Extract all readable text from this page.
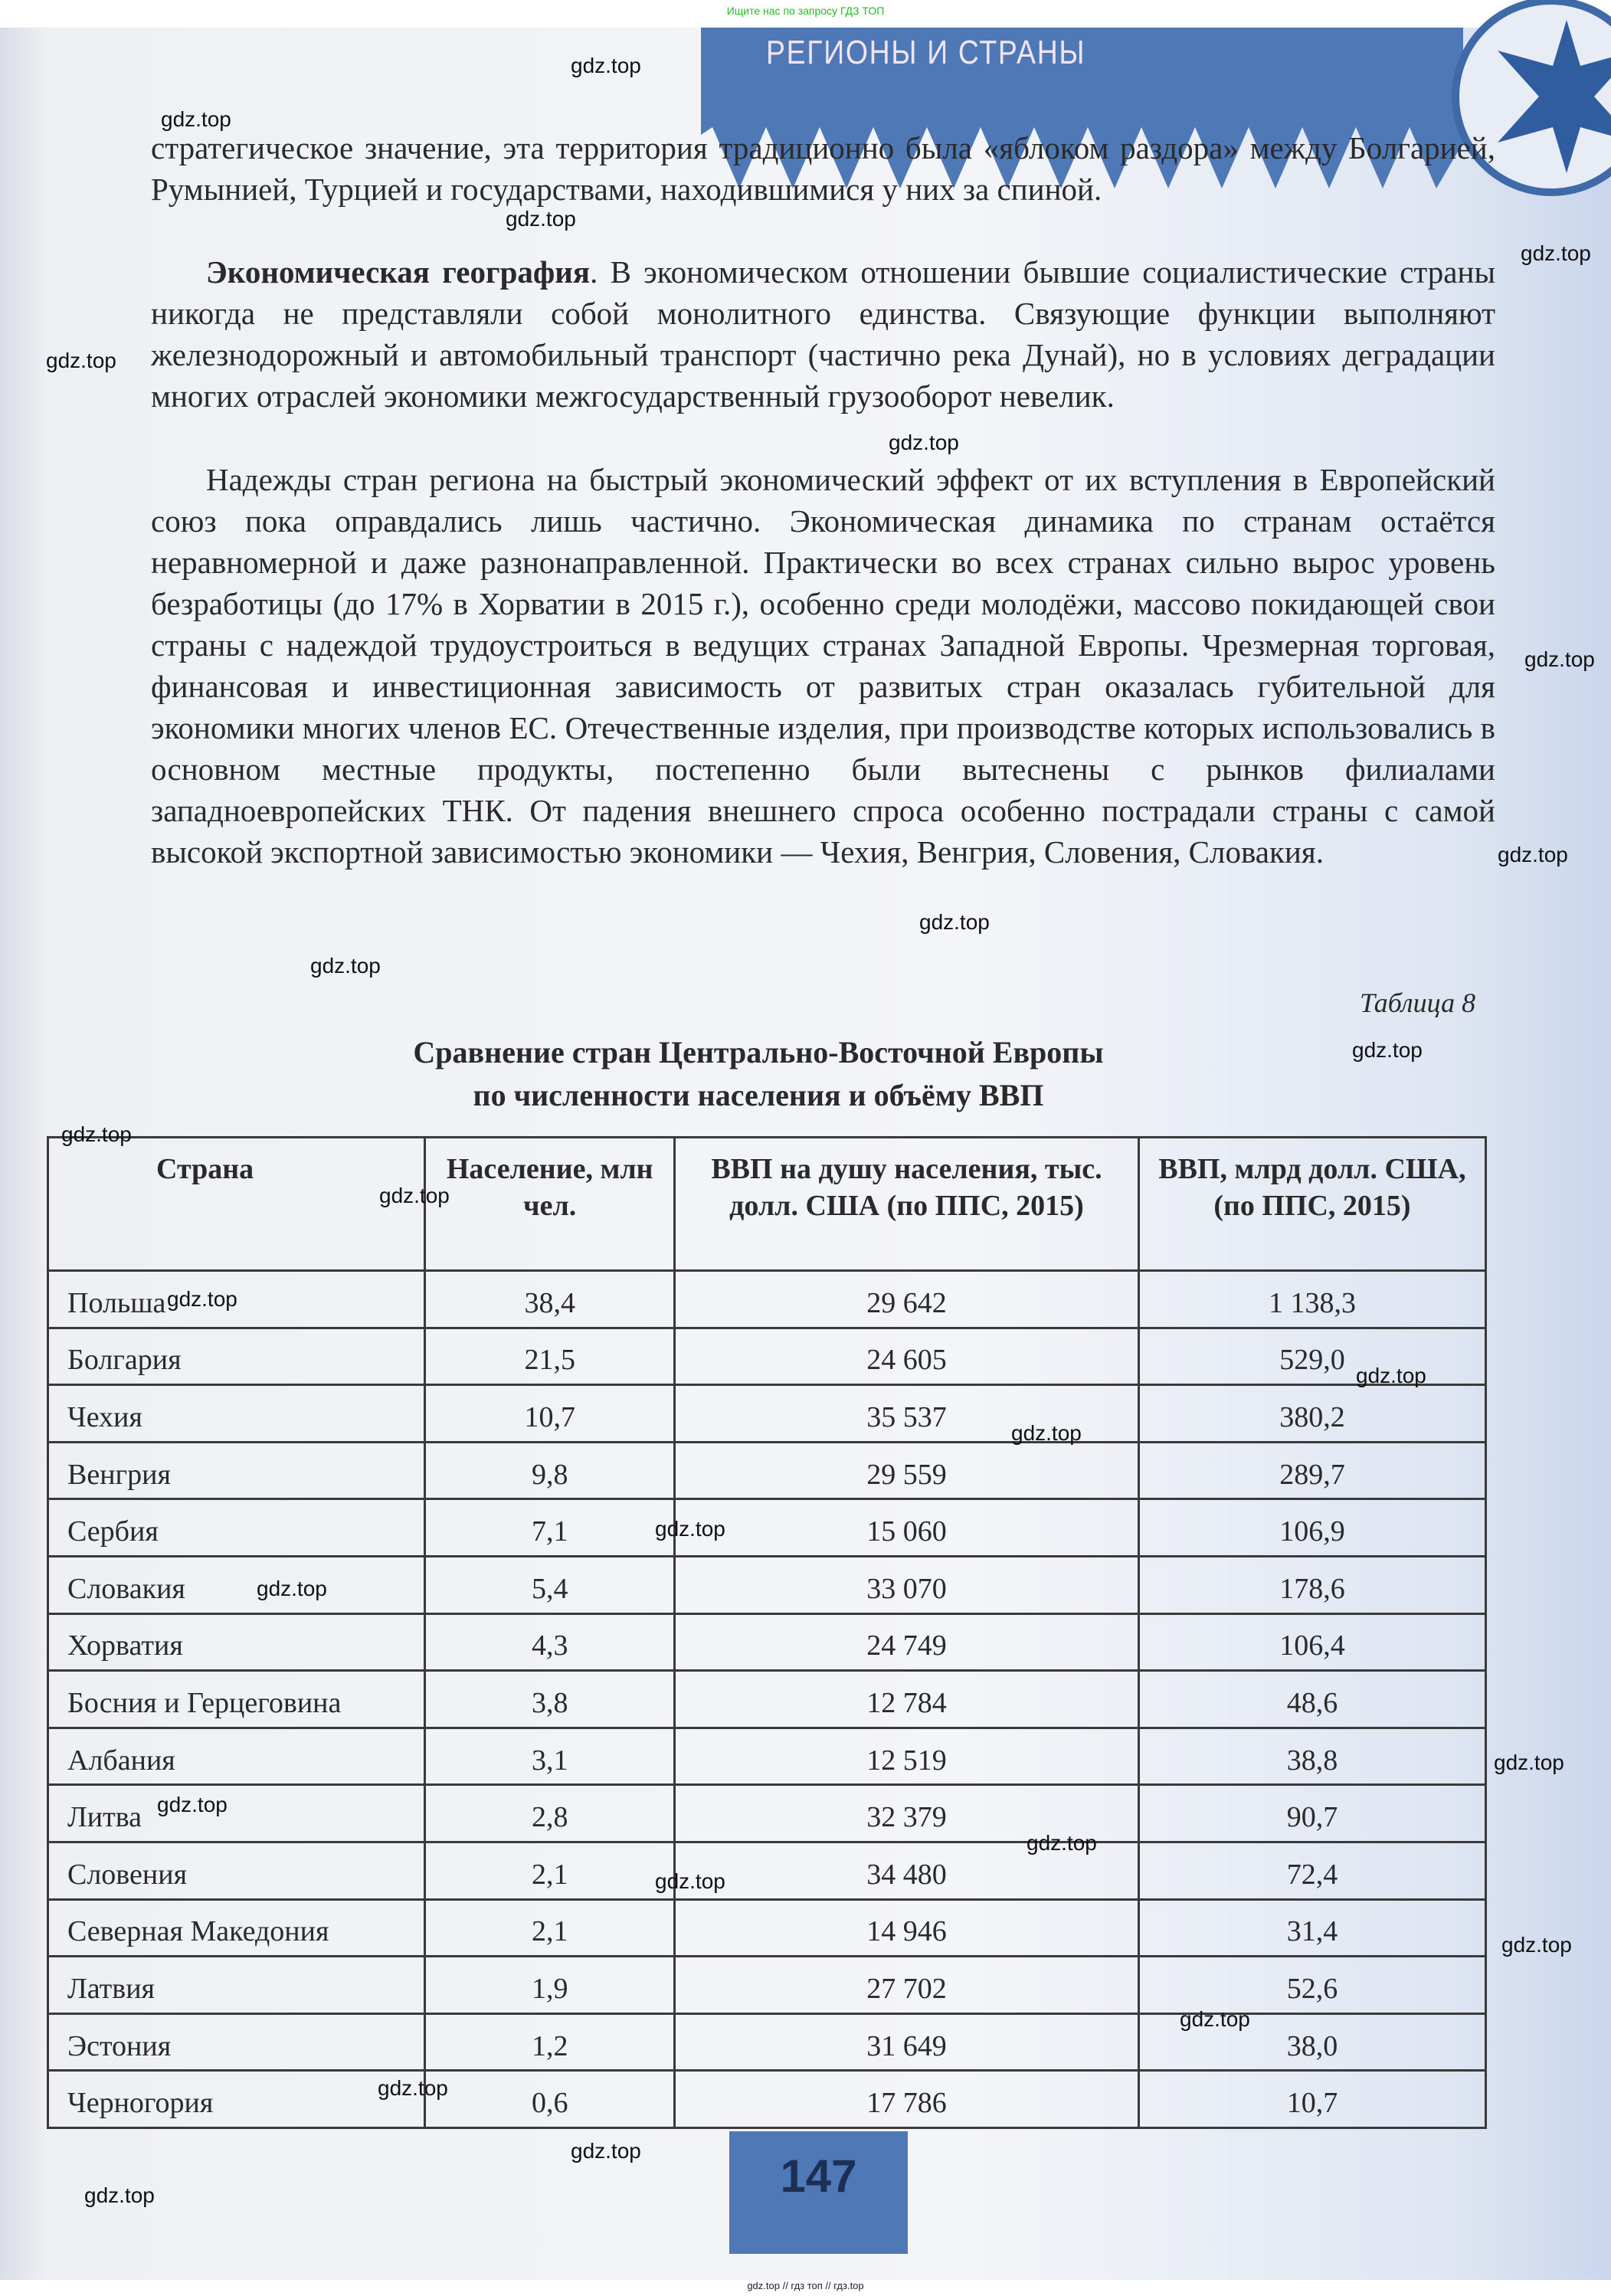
Ищите нас по запросу ГДЗ ТОП
РЕГИОНЫ И СТРАНЫ

стратегическое значение, эта территория традиционно была «яблоком раздора» между Болгарией, Румынией, Турцией и государствами, находившимися у них за спиной.

Экономическая география. В экономическом отношении бывшие социалистические страны никогда не представляли собой монолитного единства. Связующие функции выполняют железнодорожный и автомобильный транспорт (частично река Дунай), но в условиях деградации многих отраслей экономики межгосударственный грузооборот невелик.

Надежды стран региона на быстрый экономический эффект от их вступления в Европейский союз пока оправдались лишь частично. Экономическая динамика по странам остаётся неравномерной и даже разнонаправленной. Практически во всех странах сильно вырос уровень безработицы (до 17% в Хорватии в 2015 г.), особенно среди молодёжи, массово покидающей свои страны с надеждой трудоустроиться в ведущих странах Западной Европы. Чрезмерная торговая, финансовая и инвестиционная зависимость от развитых стран оказалась губительной для экономики многих членов ЕС. Отечественные изделия, при производстве которых использовались в основном местные продукты, постепенно были вытеснены с рынков филиалами западноевропейских ТНК. От падения внешнего спроса особенно пострадали страны с самой высокой экспортной зависимостью экономики — Чехия, Венгрия, Словения, Словакия.

Таблица 8
Сравнение стран Центрально-Восточной Европы
по численности населения и объёму ВВП
Страна	Население, млн чел.	ВВП на душу населения, тыс. долл. США (по ППС, 2015)	ВВП, млрд долл. США, (по ППС, 2015)
Польша	38,4	29 642	1 138,3
Болгария	21,5	24 605	529,0
Чехия	10,7	35 537	380,2
Венгрия	9,8	29 559	289,7
Сербия	7,1	15 060	106,9
Словакия	5,4	33 070	178,6
Хорватия	4,3	24 749	106,4
Босния и Герцеговина	3,8	12 784	48,6
Албания	3,1	12 519	38,8
Литва	2,8	32 379	90,7
Словения	2,1	34 480	72,4
Северная Македония	2,1	14 946	31,4
Латвия	1,9	27 702	52,6
Эстония	1,2	31 649	38,0
Черногория	0,6	17 786	10,7
147
gdz.top
gdz.top
gdz.top
gdz.top
gdz.top
gdz.top
gdz.top
gdz.top
gdz.top
gdz.top
gdz.top
gdz.top
gdz.top
gdz.top
gdz.top
gdz.top
gdz.top
gdz.top
gdz.top
gdz.top
gdz.top
gdz.top
gdz.top
gdz.top
gdz.top
gdz.top
gdz.top
gdz.top // гдз топ // гдз.top
